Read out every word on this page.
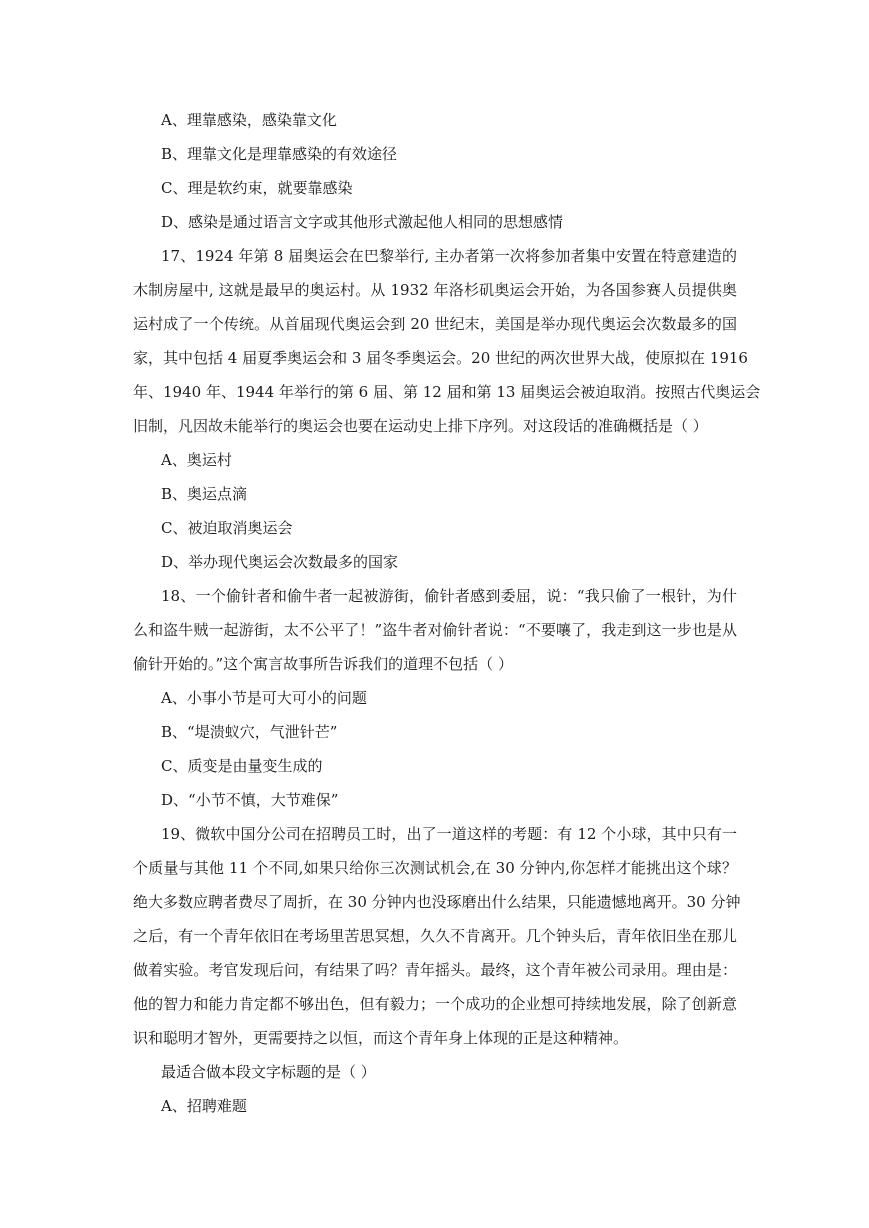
A、理靠感染，感染靠文化
B、理靠文化是理靠感染的有效途径
C、理是软约束，就要靠感染
D、感染是通过语言文字或其他形式激起他人相同的思想感情
17、1924 年第 8 届奥运会在巴黎举行, 主办者第一次将参加者集中安置在特意建造的
木制房屋中, 这就是最早的奥运村。从 1932 年洛杉矶奥运会开始，为各国参赛人员提供奥
运村成了一个传统。从首届现代奥运会到 20 世纪末，美国是举办现代奥运会次数最多的国
家，其中包括 4 届夏季奥运会和 3 届冬季奥运会。20 世纪的两次世界大战，使原拟在 1916
年、1940 年、1944 年举行的第 6 届、第 12 届和第 13 届奥运会被迫取消。按照古代奥运会
旧制，凡因故未能举行的奥运会也要在运动史上排下序列。对这段话的准确概括是（ ）
A、奥运村
B、奥运点滴
C、被迫取消奥运会
D、举办现代奥运会次数最多的国家
18、一个偷针者和偷牛者一起被游街，偷针者感到委屈，说：“我只偷了一根针，为什
么和盗牛贼一起游街，太不公平了！”盗牛者对偷针者说：“不要嚷了，我走到这一步也是从
偷针开始的。”这个寓言故事所告诉我们的道理不包括（ ）
A、小事小节是可大可小的问题
B、“堤溃蚁穴，气泄针芒”
C、质变是由量变生成的
D、“小节不慎，大节难保”
19、微软中国分公司在招聘员工时，出了一道这样的考题：有 12 个小球，其中只有一
个质量与其他 11 个不同,如果只给你三次测试机会,在 30 分钟内,你怎样才能挑出这个球？
绝大多数应聘者费尽了周折，在 30 分钟内也没琢磨出什么结果，只能遗憾地离开。30 分钟
之后，有一个青年依旧在考场里苦思冥想，久久不肯离开。几个钟头后，青年依旧坐在那儿
做着实验。考官发现后问，有结果了吗？青年摇头。最终，这个青年被公司录用。理由是：
他的智力和能力肯定都不够出色，但有毅力；一个成功的企业想可持续地发展，除了创新意
识和聪明才智外，更需要持之以恒，而这个青年身上体现的正是这种精神。
最适合做本段文字标题的是（ ）
A、招聘难题
